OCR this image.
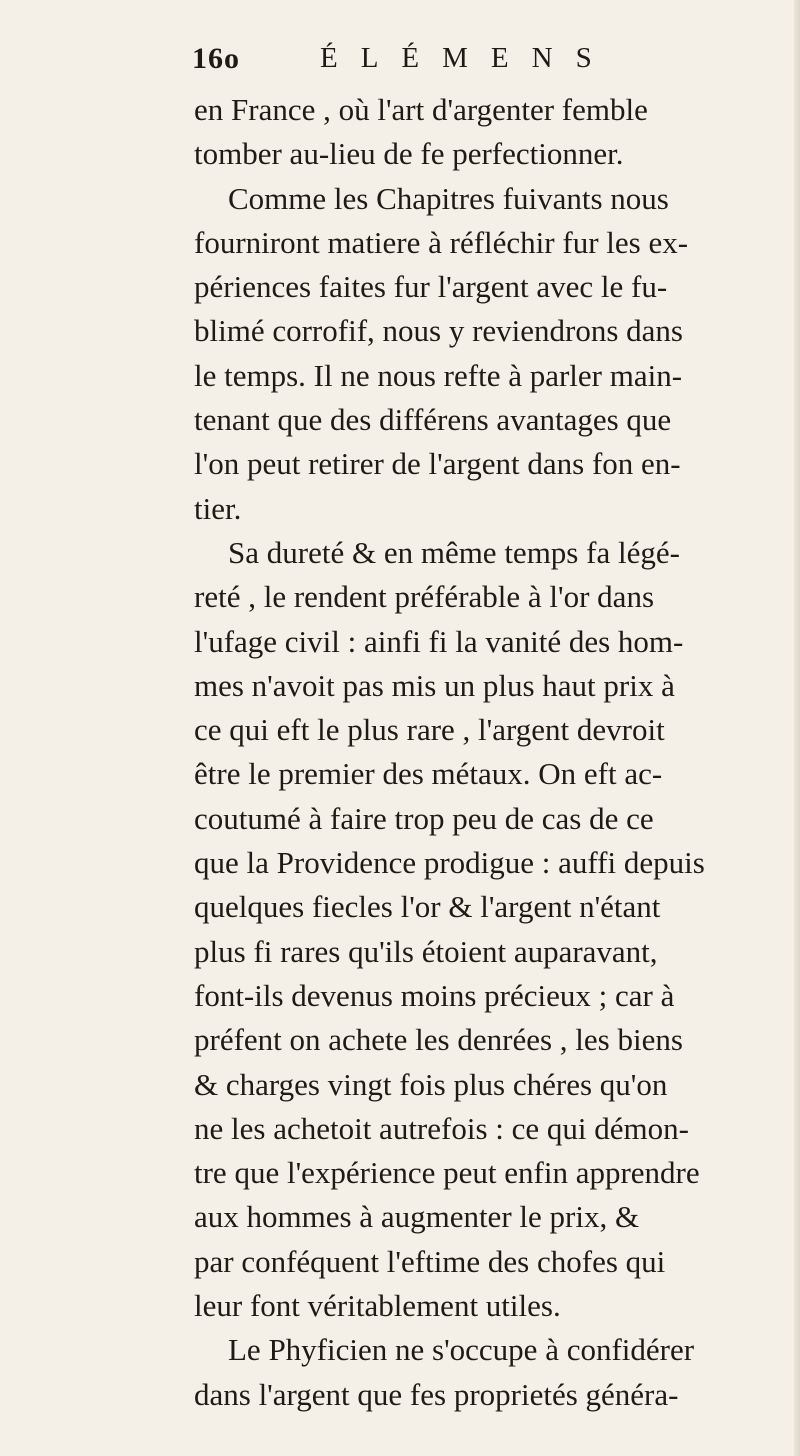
16o	ÉLÉMENS
en France , où l'art d'argenter femble
tomber au-lieu de fe perfectionner.
Comme les Chapitres fuivants nous
fourniront matiere à réfléchir fur les ex-
périences faites fur l'argent avec le fu-
blimé corrofif, nous y reviendrons dans
le temps. Il ne nous refte à parler main-
tenant que des différens avantages que
l'on peut retirer de l'argent dans fon en-
tier.
Sa dureté & en même temps fa légé-
reté , le rendent préférable à l'or dans
l'ufage civil : ainfi fi la vanité des hom-
mes n'avoit pas mis un plus haut prix à
ce qui eft le plus rare , l'argent devroit
être le premier des métaux. On eft ac-
coutumé à faire trop peu de cas de ce
que la Providence prodigue : auffi depuis
quelques fiecles l'or & l'argent n'étant
plus fi rares qu'ils étoient auparavant,
font-ils devenus moins précieux ; car à
préfent on achete les denrées , les biens
& charges vingt fois plus chéres qu'on
ne les achetoit autrefois : ce qui démon-
tre que l'expérience peut enfin apprendre
aux hommes à augmenter le prix, &
par conféquent l'eftime des chofes qui
leur font véritablement utiles.
Le Phyficien ne s'occupe à confidérer
dans l'argent que fes proprietés généra-
